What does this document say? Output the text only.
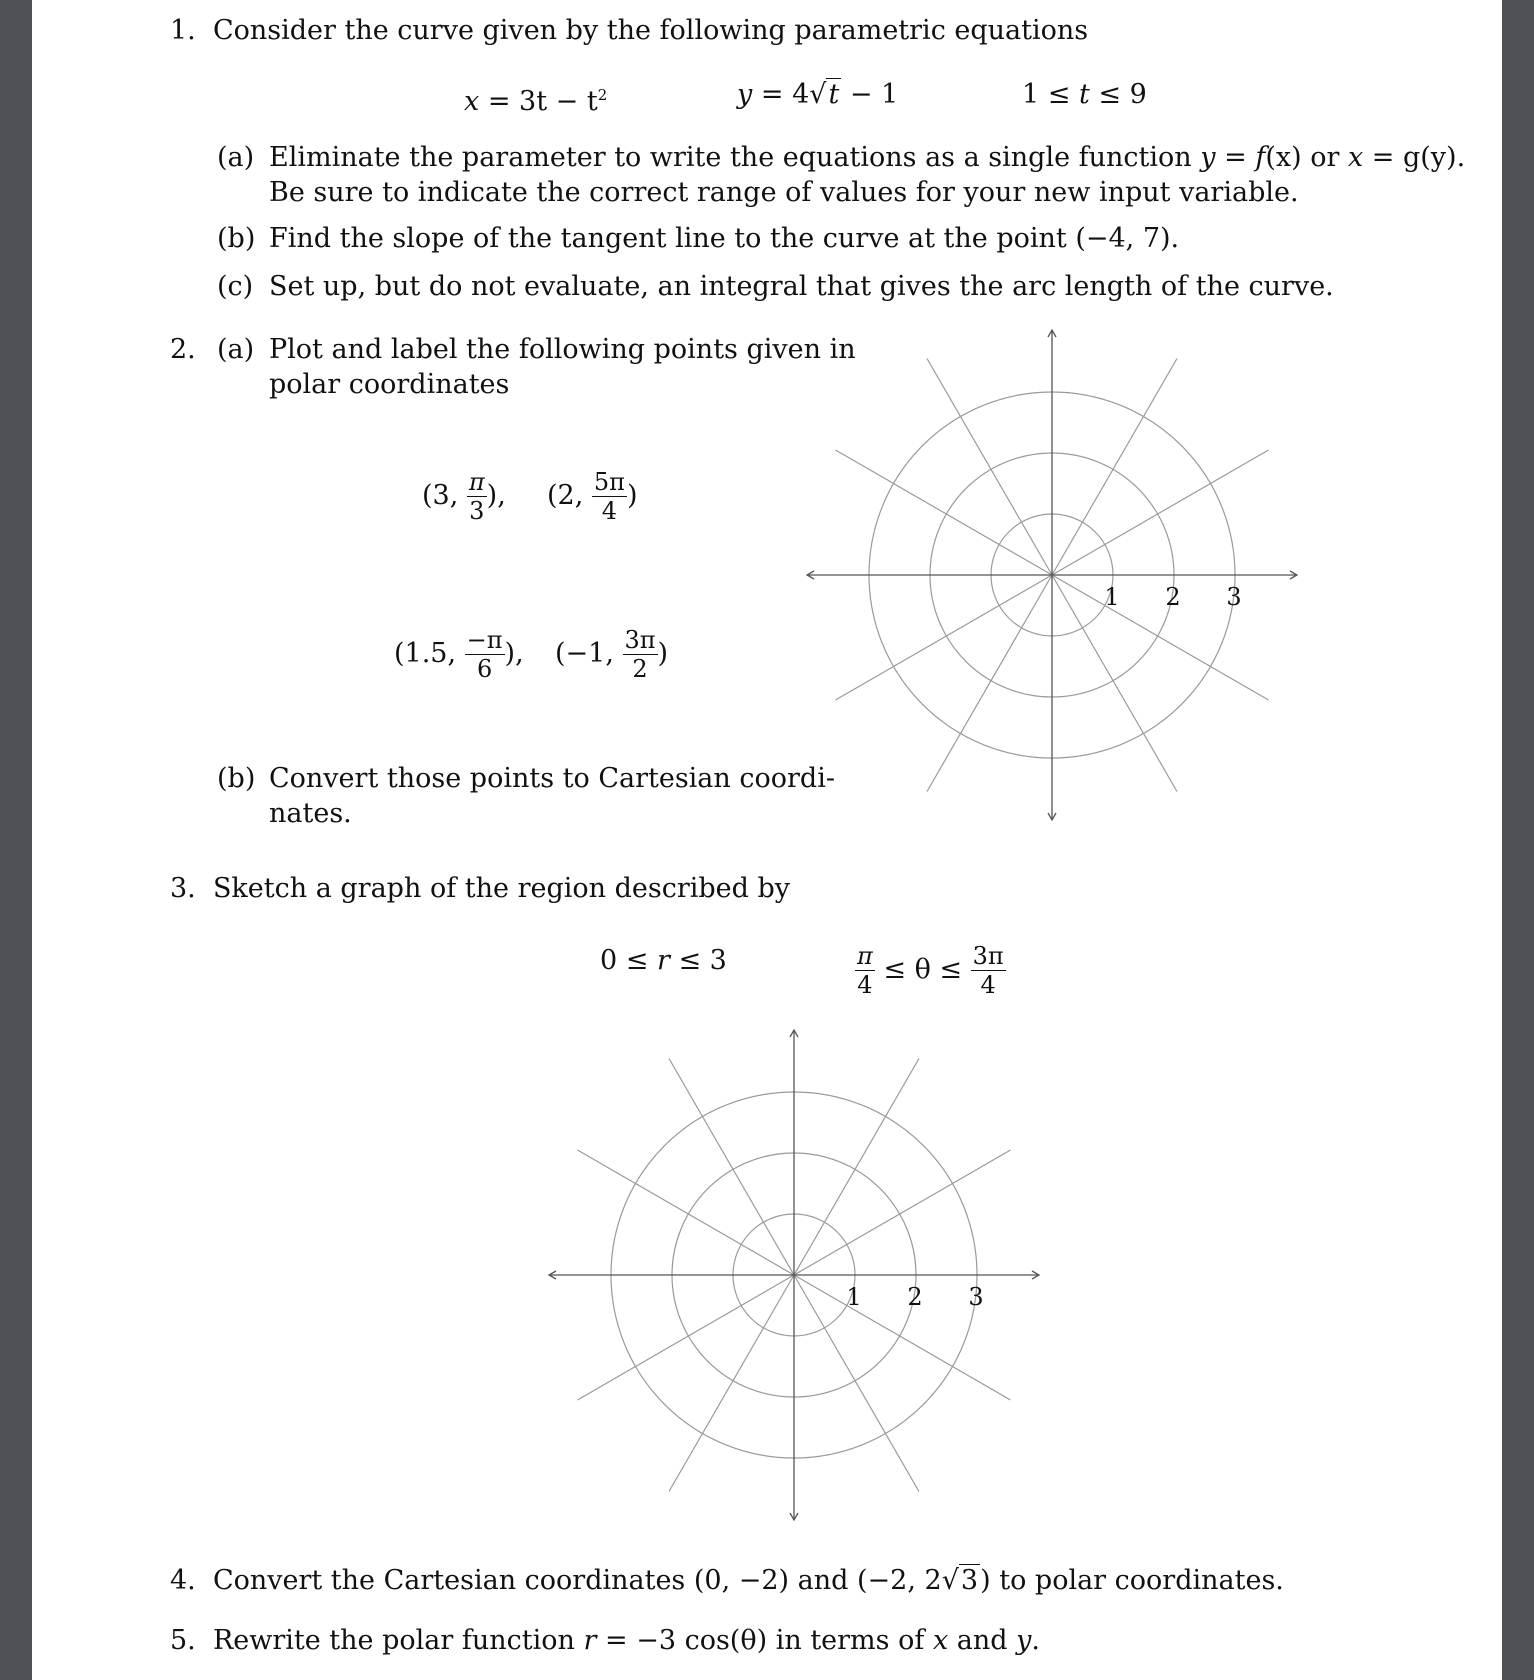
1. Consider the curve given by the following parametric equations
$x = 3t - t^2$	y = 4√t − 1	1 ≤ t ≤ 9
(a) Eliminate the parameter to write the equations as a single function y = f(x) or x = g(y).
Be sure to indicate the correct range of values for your new input variable.
(b) Find the slope of the tangent line to the curve at the point (−4, 7).
(c) Set up, but do not evaluate, an integral that gives the arc length of the curve.
2. (a) Plot and label the following points given in
polar coordinates
(3, $\frac{\pi}{3}$ ), (2, $\frac{5\pi}{4}$ )
(1.5, $\frac{-\pi}{6}$ ), (−1, $\frac{3\pi}{2}$ )
(b) Convert those points to Cartesian coordi-
nates.
1 2 3
3. Sketch a graph of the region described by
0 ≤ r ≤ 3	$\frac{\pi}{4} \le \theta \le \frac{3\pi}{4}$
1 2 3
4. Convert the Cartesian coordinates (0, −2) and (−2, 2√3) to polar coordinates.
5. Rewrite the polar function r = −3 cos(θ) in terms of x and y.
